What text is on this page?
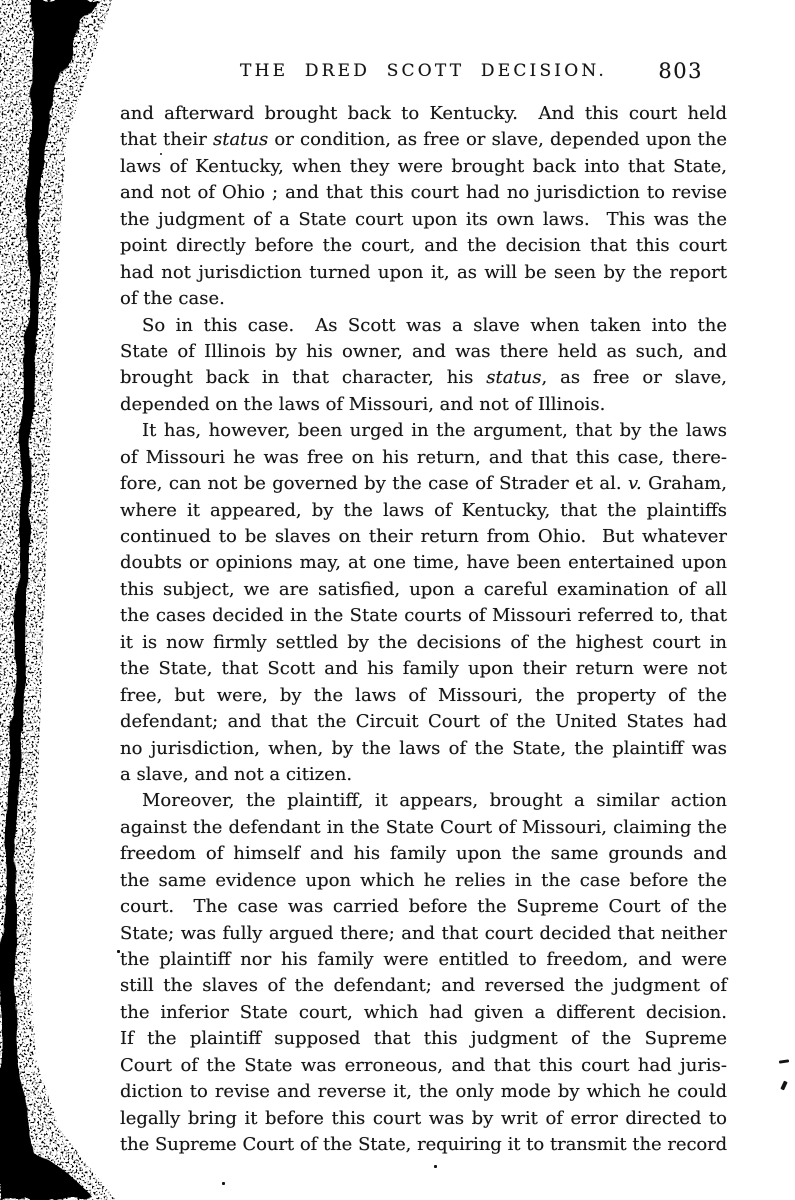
THE DRED SCOTT DECISION.	803
and afterward brought back to Kentucky.  And this court held
that their status or condition, as free or slave, depended upon the
laws of Kentucky, when they were brought back into that State,
and not of Ohio ; and that this court had no jurisdiction to revise
the judgment of a State court upon its own laws.  This was the
point directly before the court, and the decision that this court
had not jurisdiction turned upon it, as will be seen by the report
of the case.
So in this case.  As Scott was a slave when taken into the
State of Illinois by his owner, and was there held as such, and
brought back in that character, his status, as free or slave,
depended on the laws of Missouri, and not of Illinois.
It has, however, been urged in the argument, that by the laws
of Missouri he was free on his return, and that this case, there-
fore, can not be governed by the case of Strader et al. v. Graham,
where it appeared, by the laws of Kentucky, that the plaintiffs
continued to be slaves on their return from Ohio.  But whatever
doubts or opinions may, at one time, have been entertained upon
this subject, we are satisfied, upon a careful examination of all
the cases decided in the State courts of Missouri referred to, that
it is now firmly settled by the decisions of the highest court in
the State, that Scott and his family upon their return were not
free, but were, by the laws of Missouri, the property of the
defendant; and that the Circuit Court of the United States had
no jurisdiction, when, by the laws of the State, the plaintiff was
a slave, and not a citizen.
Moreover, the plaintiff, it appears, brought a similar action
against the defendant in the State Court of Missouri, claiming the
freedom of himself and his family upon the same grounds and
the same evidence upon which he relies in the case before the
court.  The case was carried before the Supreme Court of the
State; was fully argued there; and that court decided that neither
the plaintiff nor his family were entitled to freedom, and were
still the slaves of the defendant; and reversed the judgment of
the inferior State court, which had given a different decision.
If the plaintiff supposed that this judgment of the Supreme
Court of the State was erroneous, and that this court had juris-
diction to revise and reverse it, the only mode by which he could
legally bring it before this court was by writ of error directed to
the Supreme Court of the State, requiring it to transmit the record
